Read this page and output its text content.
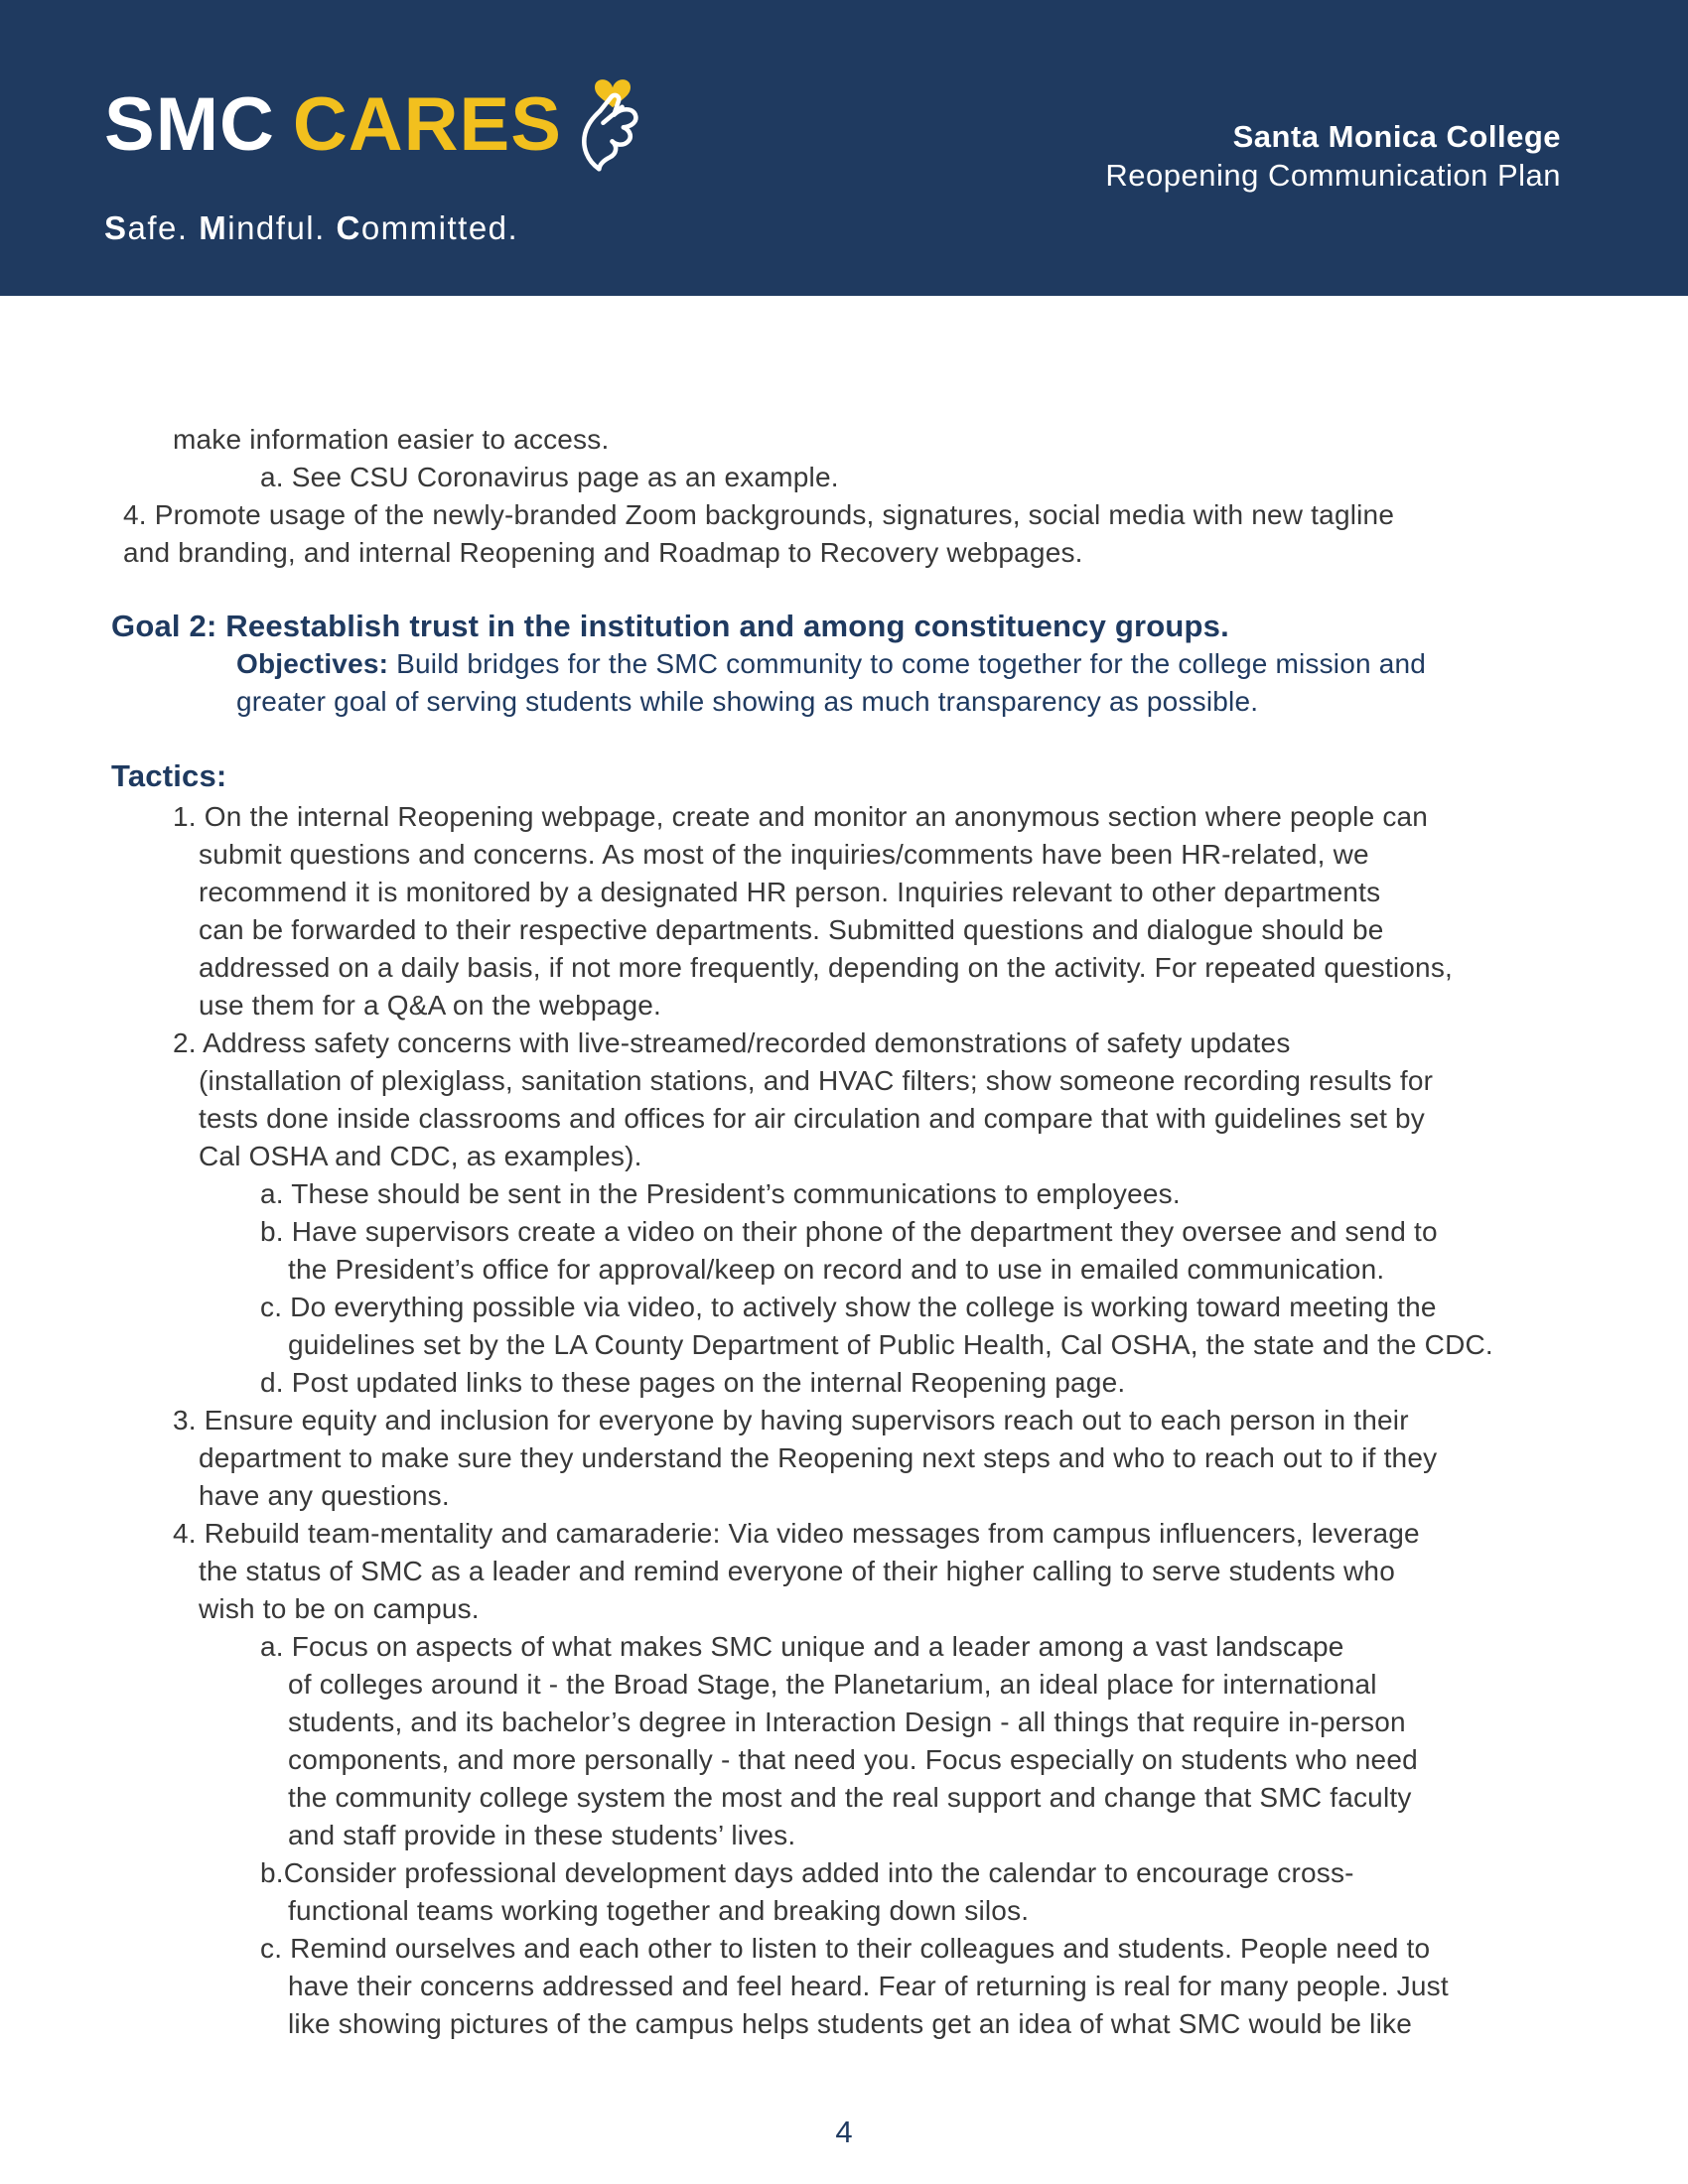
SMC CARES
Safe. Mindful. Committed.
Santa Monica College
Reopening Communication Plan
make information easier to access.
a. See CSU Coronavirus page as an example.
4. Promote usage of the newly-branded Zoom backgrounds, signatures, social media with new tagline
and branding, and internal Reopening and Roadmap to Recovery webpages.
Goal 2: Reestablish trust in the institution and among constituency groups.
Objectives: Build bridges for the SMC community to come together for the college mission and
greater goal of serving students while showing as much transparency as possible.
Tactics:
1. On the internal Reopening webpage, create and monitor an anonymous section where people can
submit questions and concerns. As most of the inquiries/comments have been HR-related, we
recommend it is monitored by a designated HR person. Inquiries relevant to other departments
can be forwarded to their respective departments. Submitted questions and dialogue should be
addressed on a daily basis, if not more frequently, depending on the activity. For repeated questions,
use them for a Q&A on the webpage.
2. Address safety concerns with live-streamed/recorded demonstrations of safety updates
(installation of plexiglass, sanitation stations, and HVAC filters; show someone recording results for
tests done inside classrooms and offices for air circulation and compare that with guidelines set by
Cal OSHA and CDC, as examples).
a. These should be sent in the President’s communications to employees.
b. Have supervisors create a video on their phone of the department they oversee and send to
the President’s office for approval/keep on record and to use in emailed communication.
c. Do everything possible via video, to actively show the college is working toward meeting the
guidelines set by the LA County Department of Public Health, Cal OSHA, the state and the CDC.
d. Post updated links to these pages on the internal Reopening page.
3. Ensure equity and inclusion for everyone by having supervisors reach out to each person in their
department to make sure they understand the Reopening next steps and who to reach out to if they
have any questions.
4. Rebuild team-mentality and camaraderie: Via video messages from campus influencers, leverage
the status of SMC as a leader and remind everyone of their higher calling to serve students who
wish to be on campus.
a. Focus on aspects of what makes SMC unique and a leader among a vast landscape
of colleges around it - the Broad Stage, the Planetarium, an ideal place for international
students, and its bachelor’s degree in Interaction Design - all things that require in-person
components, and more personally - that need you. Focus especially on students who need
the community college system the most and the real support and change that SMC faculty
and staff provide in these students’ lives.
b.Consider professional development days added into the calendar to encourage cross-
functional teams working together and breaking down silos.
c. Remind ourselves and each other to listen to their colleagues and students. People need to
have their concerns addressed and feel heard. Fear of returning is real for many people. Just
like showing pictures of the campus helps students get an idea of what SMC would be like
4
